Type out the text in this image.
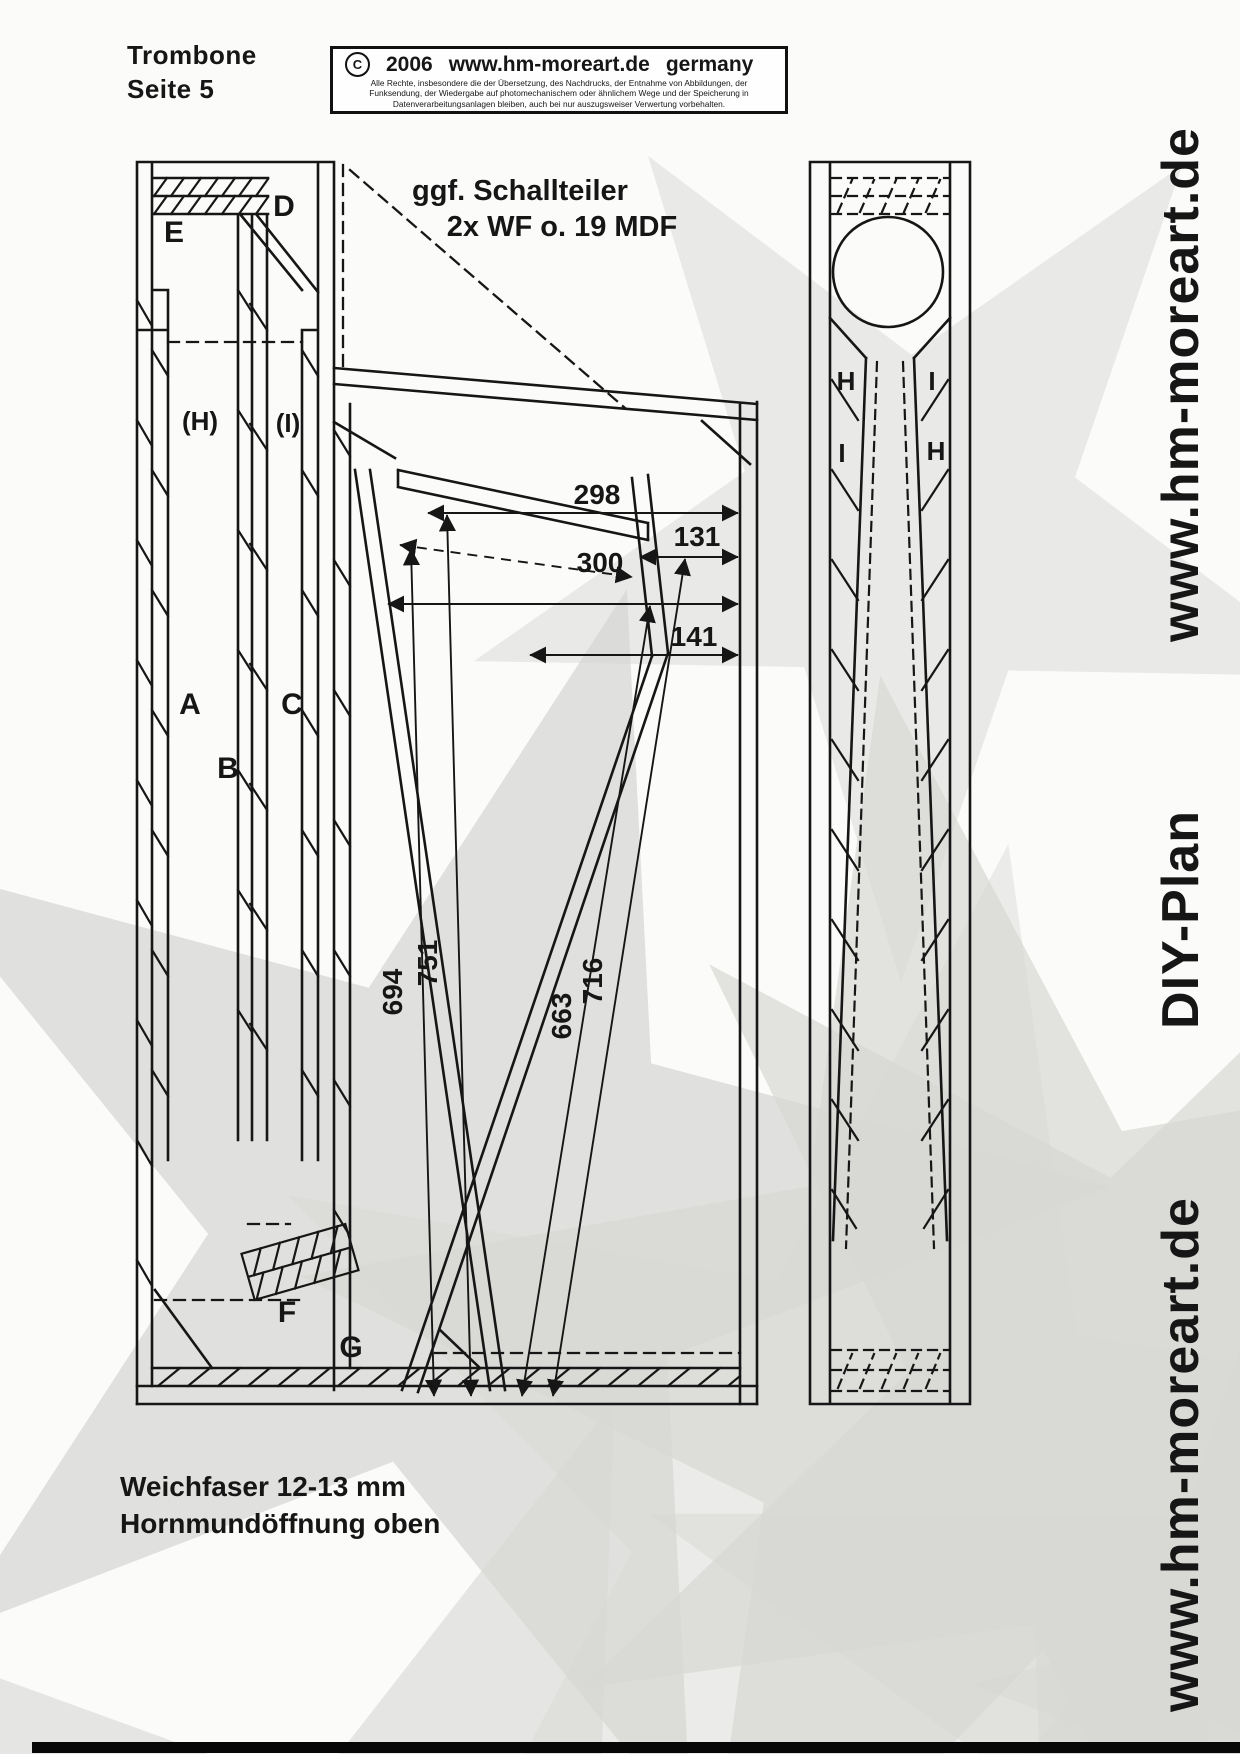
E
D
(H) (I)
A
B
C
F
G
ggf. Schallteiler
2x WF o. 19 MDF
298
131
300
141
694
751
663
716
H	I
I	H
Trombone
Seite 5
C	2006 www.hm-moreart.de germany
Alle Rechte, insbesondere die der Übersetzung, des Nachdrucks, der Entnahme von Abbildungen, der
Funksendung, der Wiedergabe auf photomechanischem oder ähnlichem Wege und der Speicherung in
Datenverarbeitungsanlagen bleiben, auch bei nur auszugsweiser Verwertung vorbehalten.
www.hm-moreart.de
DIY-Plan
www.hm-moreart.de
Weichfaser 12-13 mm
Hornmundöffnung oben
